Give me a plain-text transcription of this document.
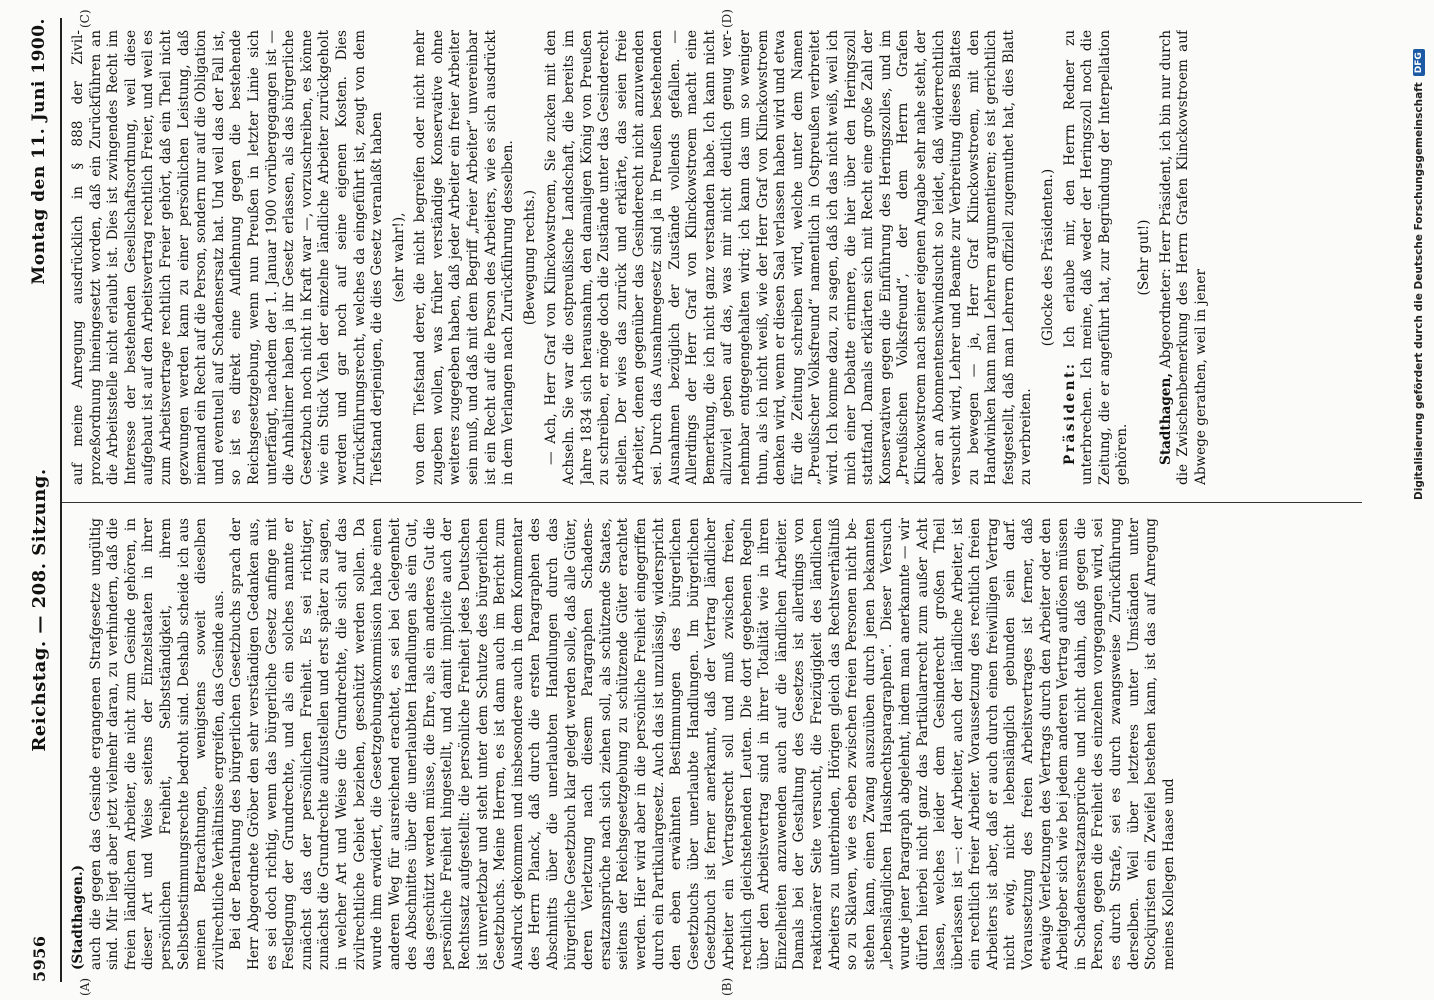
5956
Reichstag. — 208. Sitzung.
Montag den 11. Juni 1900.
(A)	(B)
(C)	(D)

(Stadthagen.) auch die gegen das Gesinde ergangenen Strafgesetze ungültig sind. Mir liegt aber jetzt vielmehr daran, zu verhindern, daß die freien ländlichen Arbeiter, die nicht zum Gesinde gehören, in dieser Art und Weise seitens der Einzelstaaten in ihrer persönlichen Freiheit, Selbstständigkeit, ihrem Selbstbestimmungsrechte bedroht sind. Deshalb scheide ich aus meinen Betrachtungen, wenigstens soweit dieselben zivilrechtliche Verhältnisse ergreifen, das Gesinde aus. Bei der Berathung des bürgerlichen Gesetzbuchs sprach der Herr Abgeordnete Gröber den sehr verständigen Gedanken aus, es sei doch richtig, wenn das bürgerliche Gesetz anfinge mit Festlegung der Grundrechte, und als ein solches nannte er zunächst das der persönlichen Freiheit. Es sei richtiger, zunächst die Grundrechte aufzustellen und erst später zu sagen, in welcher Art und Weise die Grundrechte, die sich auf das zivilrechtliche Gebiet beziehen, geschützt werden sollen. Da wurde ihm erwidert, die Gesetzgebungskommission habe einen anderen Weg für ausreichend erachtet, es sei bei Gelegenheit des Abschnittes über die unerlaubten Handlungen als ein Gut, das geschützt werden müsse, die Ehre, als ein anderes Gut die persönliche Freiheit hingestellt, und damit implicite auch der Rechtssatz aufgestellt: die persönliche Freiheit jedes Deutschen ist unverletzbar und steht unter dem Schutze des bürgerlichen Gesetzbuchs. Meine Herren, es ist dann auch im Bericht zum Ausdruck gekommen und insbesondere auch in dem Kommentar des Herrn Planck, daß durch die ersten Paragraphen des Abschnitts über die unerlaubten Handlungen durch das bürgerliche Gesetzbuch klar gelegt werden solle, daß alle Güter, deren Verletzung nach diesem Paragraphen Schadensersatzansprüche nach sich ziehen soll, als schützende Staates, seitens der Reichsgesetzgebung zu schützende Güter erachtet werden. Hier wird aber in die persönliche Freiheit eingegriffen durch ein Partikulargesetz. Auch das ist unzulässig, widerspricht den eben erwähnten Bestimmungen des bürgerlichen Gesetzbuchs über unerlaubte Handlungen. Im bürgerlichen Gesetzbuch ist ferner anerkannt, daß der Vertrag ländlicher Arbeiter ein Vertragsrecht soll und muß zwischen freien, rechtlich gleichstehenden Leuten. Die dort gegebenen Regeln über den Arbeitsvertrag sind in ihrer Totalität wie in ihren Einzelheiten anzuwenden auch auf die ländlichen Arbeiter. Damals bei der Gestaltung des Gesetzes ist allerdings von reaktionärer Seite versucht, die Freizügigkeit des ländlichen Arbeiters zu unterbinden, Hörigen gleich das Rechtsverhältniß so zu Sklaven, wie es eben zwischen freien Personen nicht bestehen kann, einen Zwang auszuüben durch jenen bekannten „lebenslänglichen Hausknechtsparagraphen“. Dieser Versuch wurde jener Paragraph abgelehnt, indem man anerkannte — wir dürfen hierbei nicht ganz das Partikularrecht zum außer Acht lassen, welches leider dem Gesinderecht großen Theil überlassen ist —: der Arbeiter, auch der ländliche Arbeiter, ist ein rechtlich freier Arbeiter. Voraussetzung des rechtlich freien Arbeiters ist aber, daß er auch durch einen freiwilligen Vertrag nicht ewig, nicht lebenslänglich gebunden sein darf. Voraussetzung des freien Arbeitsvertrages ist ferner, daß etwaige Verletzungen des Vertrags durch den Arbeiter oder den Arbeitgeber sich wie bei jedem anderen Vertrag auflösen müssen in Schadensersatzansprüche und nicht dahin, daß gegen die Person, gegen die Freiheit des einzelnen vorgegangen wird, sei es durch Strafe, sei es durch zwangsweise Zurückführung derselben. Weil über letzteres unter Umständen unter Stockjuristen ein Zweifel bestehen kann, ist das auf Anregung meines Kollegen Haase und

auf meine Anregung ausdrücklich in § 888 der Zivilprozeßordnung hineingesetzt worden, daß ein Zurückführen an die Arbeitsstelle nicht erlaubt ist. Dies ist zwingendes Recht im Interesse der bestehenden Gesellschaftsordnung, weil diese aufgebaut ist auf den Arbeitsvertrag rechtlich Freier, und weil es zum Arbeitsvertrage rechtlich Freier gehört, daß ein Theil nicht gezwungen werden kann zu einer persönlichen Leistung, daß niemand ein Recht auf die Person, sondern nur auf die Obligation und eventuell auf Schadensersatz hat. Und weil das der Fall ist, so ist es direkt eine Auflehnung gegen die bestehende Reichsgesetzgebung, wenn nun Preußen in letzter Linie sich unterfängt, nachdem der 1. Januar 1900 vorübergegangen ist — die Anhaltiner haben ja ihr Gesetz erlassen, als das bürgerliche Gesetzbuch noch nicht in Kraft war —, vorzuschreiben, es könne wie ein Stück Vieh der einzelne ländliche Arbeiter zurückgeholt werden und gar noch auf seine eigenen Kosten. Dies Zurückführungsrecht, welches da eingeführt ist, zeugt von dem Tiefstand derjenigen, die dies Gesetz veranlaßt haben (sehr wahr!), von dem Tiefstand derer, die nicht begreifen oder nicht mehr zugeben wollen, was früher verständige Konservative ohne weiteres zugegeben haben, daß jeder Arbeiter ein freier Arbeiter sein muß, und daß mit dem Begriff „freier Arbeiter“ unvereinbar ist ein Recht auf die Person des Arbeiters, wie es sich ausdrückt in dem Verlangen nach Zurückführung desselben. (Bewegung rechts.) — Ach, Herr Graf von Klinckowstroem, Sie zucken mit den Achseln. Sie war die ostpreußische Landschaft, die bereits im Jahre 1834 sich herausnahm, den damaligen König von Preußen zu schreiben, er möge doch die Zustände unter das Gesinderecht stellen. Der wies das zurück und erklärte, das seien freie Arbeiter, denen gegenüber das Gesinderecht nicht anzuwenden sei. Durch das Ausnahmegesetz sind ja in Preußen bestehenden Ausnahmen bezüglich der Zustände vollends gefallen. — Allerdings der Herr Graf von Klinckowstroem macht eine Bemerkung, die ich nicht ganz verstanden habe. Ich kann nicht allzuviel geben auf das, was mir nicht deutlich genug vernehmbar entgegengehalten wird; ich kann das um so weniger thun, als ich nicht weiß, wie der Herr Graf von Klinckowstroem denken wird, wenn er diesen Saal verlassen haben wird und etwa für die Zeitung schreiben wird, welche unter dem Namen „Preußischer Volksfreund“ namentlich in Ostpreußen verbreitet wird. Ich komme dazu, zu sagen, daß ich das nicht weiß, weil ich mich einer Debatte erinnere, die hier über den Heringszoll stattfand. Damals erklärten sich mit Recht eine große Zahl der Konservativen gegen die Einführung des Heringszolles, und im „Preußischen Volksfreund“, der dem Herrn Grafen Klinckowstroem nach seiner eigenen Angabe sehr nahe steht, der aber an Abonnentenschwindsucht so leidet, daß widerrechtlich versucht wird, Lehrer und Beamte zur Verbreitung dieses Blattes zu bewegen — ja, Herr Graf Klinckowstroem, mit den Handwinken kann man Lehrern argumentieren; es ist gerichtlich festgestellt, daß man Lehrern offiziell zugemuthet hat, dies Blatt zu verbreiten.

(Glocke des Präsidenten.)

Präsident: Ich erlaube mir, den Herrn Redner zu unterbrechen. Ich meine, daß weder der Heringszoll noch die Zeitung, die er angeführt hat, zur Begründung der Interpellation gehören.

(Sehr gut!)

Stadthagen, Abgeordneter: Herr Präsident, ich bin nur durch die Zwischenbemerkung des Herrn Grafen Klinckowstroem auf Abwege gerathen, weil in jener	Digitalisierung gefördert durch die Deutsche Forschungsgemeinschaft
DFG
